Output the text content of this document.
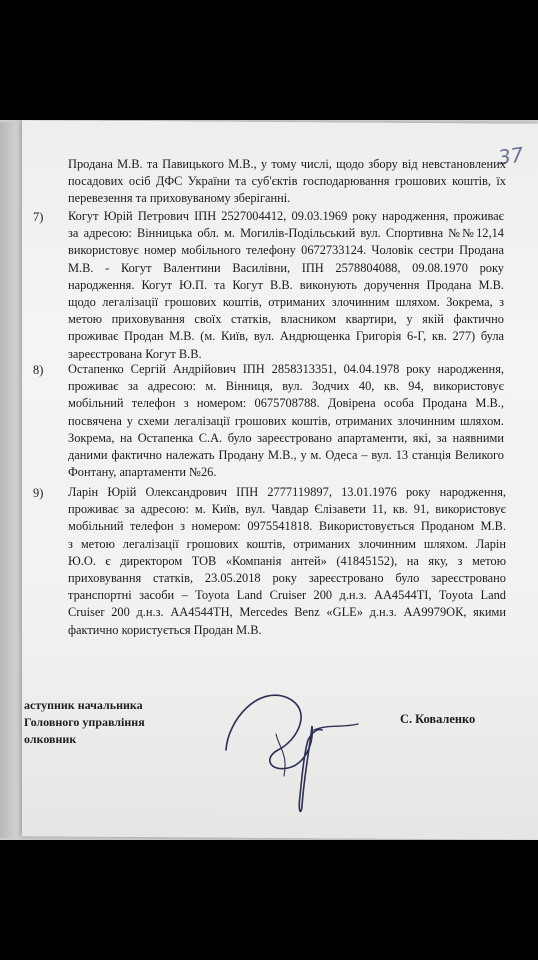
37
Продана М.В. та Павицького М.В., у тому числі, щодо збору від невстановлених
посадових осіб ДФС України та суб'єктів господарювання грошових коштів, їх
перевезення та приховуваному зберіганні.
7) Когут Юрій Петрович ІПН 2527004412, 09.03.1969 року народження, проживає
за адресою: Вінницька обл. м. Могилів-Подільський вул. Спортивна №№12,14
використовує номер мобільного телефону 0672733124. Чоловік сестри Продана
М.В. - Когут Валентини Василівни, ІПН 2578804088, 09.08.1970 року
народження. Когут Ю.П. та Когут В.В. виконують доручення Продана М.В.
щодо легалізації грошових коштів, отриманих злочинним шляхом. Зокрема, з
метою приховування своїх статків, власником квартири, у якій фактично
проживає Продан М.В. (м. Київ, вул. Андрющенка Григорія 6-Г, кв. 277) була
зареєстрована Когут В.В.
8) Остапенко Сергій Андрійович ІПН 2858313351, 04.04.1978 року народження,
проживає за адресою: м. Вінниця, вул. Зодчих 40, кв. 94, використовує
мобільний телефон з номером: 0675708788. Довірена особа Продана М.В.,
посвячена у схеми легалізації грошових коштів, отриманих злочинним шляхом.
Зокрема, на Остапенка С.А. було зареєстровано апартаменти, які, за наявними
даними фактично належать Продану М.В., у м. Одеса – вул. 13 станція Великого
Фонтану, апартаменти №26.
9) Ларін Юрій Олександрович ІПН 2777119897, 13.01.1976 року народження,
проживає за адресою: м. Київ, вул. Чавдар Єлізавети 11, кв. 91, використовує
мобільний телефон з номером: 0975541818. Використовується Проданом М.В.
з метою легалізації грошових коштів, отриманих злочинним шляхом. Ларін
Ю.О. є директором ТОВ «Компанія антей» (41845152), на яку, з метою
приховування статків, 23.05.2018 року зареєстровано було зареєстровано
транспортні засоби – Toyota Land Cruiser 200 д.н.з. АА4544ТІ, Toyota Land
Cruiser 200 д.н.з. АА4544ТН, Mercedes Benz «GLE» д.н.з. АА9979ОК, якими
фактично користується Продан М.В.
аступник начальника
Головного управління
олковник
С. Коваленко
